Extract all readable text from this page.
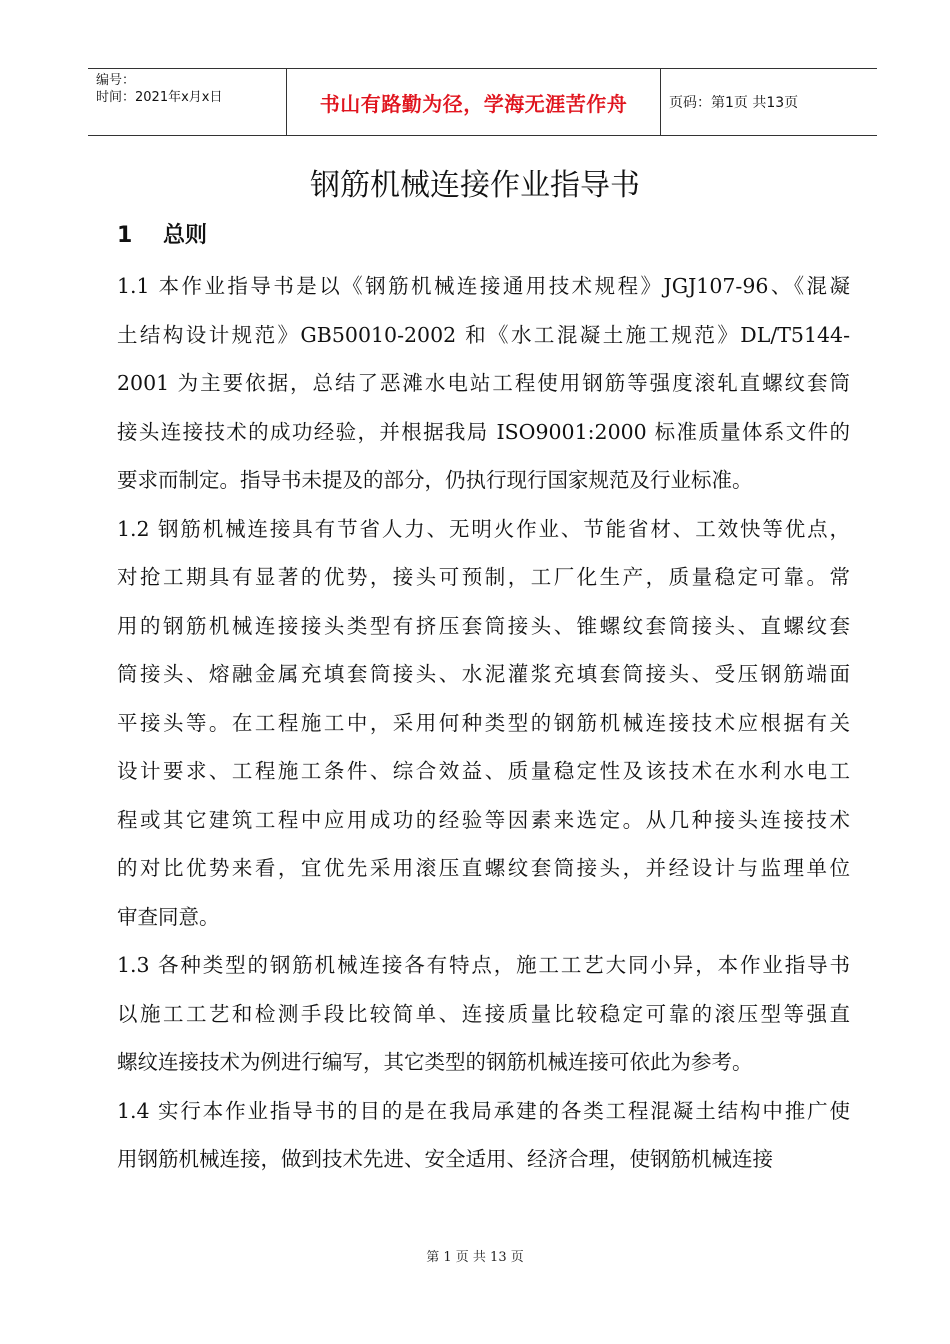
编号：
时间：2021年x月x日	书山有路勤为径，学海无涯苦作舟	页码：第1页 共13页
钢筋机械连接作业指导书
1    总则
1.1 本作业指导书是以《钢筋机械连接通用技术规程》JGJ107-96、《混凝
土结构设计规范》GB50010-2002 和《水工混凝土施工规范》DL/T5144-
2001 为主要依据，总结了恶滩水电站工程使用钢筋等强度滚轧直螺纹套筒
接头连接技术的成功经验，并根据我局 ISO9001:2000 标准质量体系文件的
要求而制定。指导书未提及的部分，仍执行现行国家规范及行业标准。
1.2 钢筋机械连接具有节省人力、无明火作业、节能省材、工效快等优点，
对抢工期具有显著的优势，接头可预制，工厂化生产，质量稳定可靠。常
用的钢筋机械连接接头类型有挤压套筒接头、锥螺纹套筒接头、直螺纹套
筒接头、熔融金属充填套筒接头、水泥灌浆充填套筒接头、受压钢筋端面
平接头等。在工程施工中，采用何种类型的钢筋机械连接技术应根据有关
设计要求、工程施工条件、综合效益、质量稳定性及该技术在水利水电工
程或其它建筑工程中应用成功的经验等因素来选定。从几种接头连接技术
的对比优势来看，宜优先采用滚压直螺纹套筒接头，并经设计与监理单位
审查同意。
1.3 各种类型的钢筋机械连接各有特点，施工工艺大同小异，本作业指导书
以施工工艺和检测手段比较简单、连接质量比较稳定可靠的滚压型等强直
螺纹连接技术为例进行编写，其它类型的钢筋机械连接可依此为参考。
1.4 实行本作业指导书的目的是在我局承建的各类工程混凝土结构中推广使
用钢筋机械连接，做到技术先进、安全适用、经济合理，使钢筋机械连接
第 1 页 共 13 页
